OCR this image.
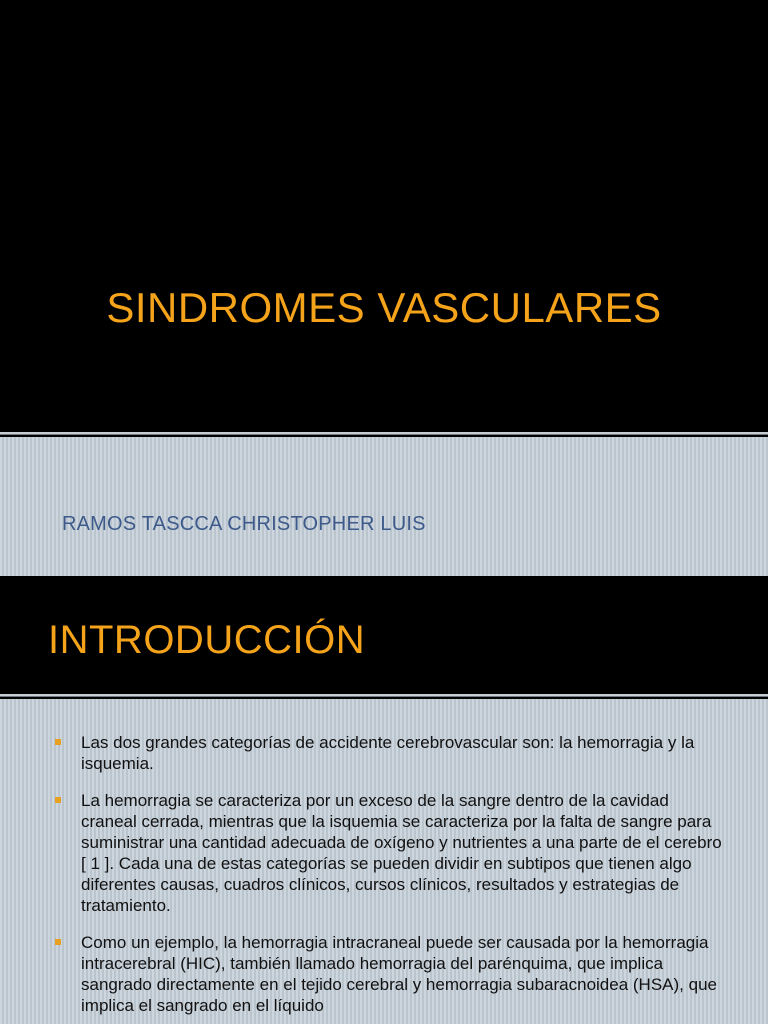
SINDROMES VASCULARES
RAMOS TASCCA CHRISTOPHER LUIS
INTRODUCCIÓN
Las dos grandes categorías de accidente cerebrovascular son: la hemorragia y la isquemia.
La hemorragia se caracteriza por un exceso de la sangre dentro de la cavidad craneal cerrada, mientras que la isquemia se caracteriza por la falta de sangre para suministrar una cantidad adecuada de oxígeno y nutrientes a una parte de el cerebro [ 1 ]. Cada una de estas categorías se pueden dividir en subtipos que tienen algo diferentes causas, cuadros clínicos, cursos clínicos, resultados y estrategias de tratamiento.
Como un ejemplo, la hemorragia intracraneal puede ser causada por la hemorragia intracerebral (HIC), también llamado hemorragia del parénquima, que implica sangrado directamente en el tejido cerebral y hemorragia subaracnoidea (HSA), que implica el sangrado en el líquido
